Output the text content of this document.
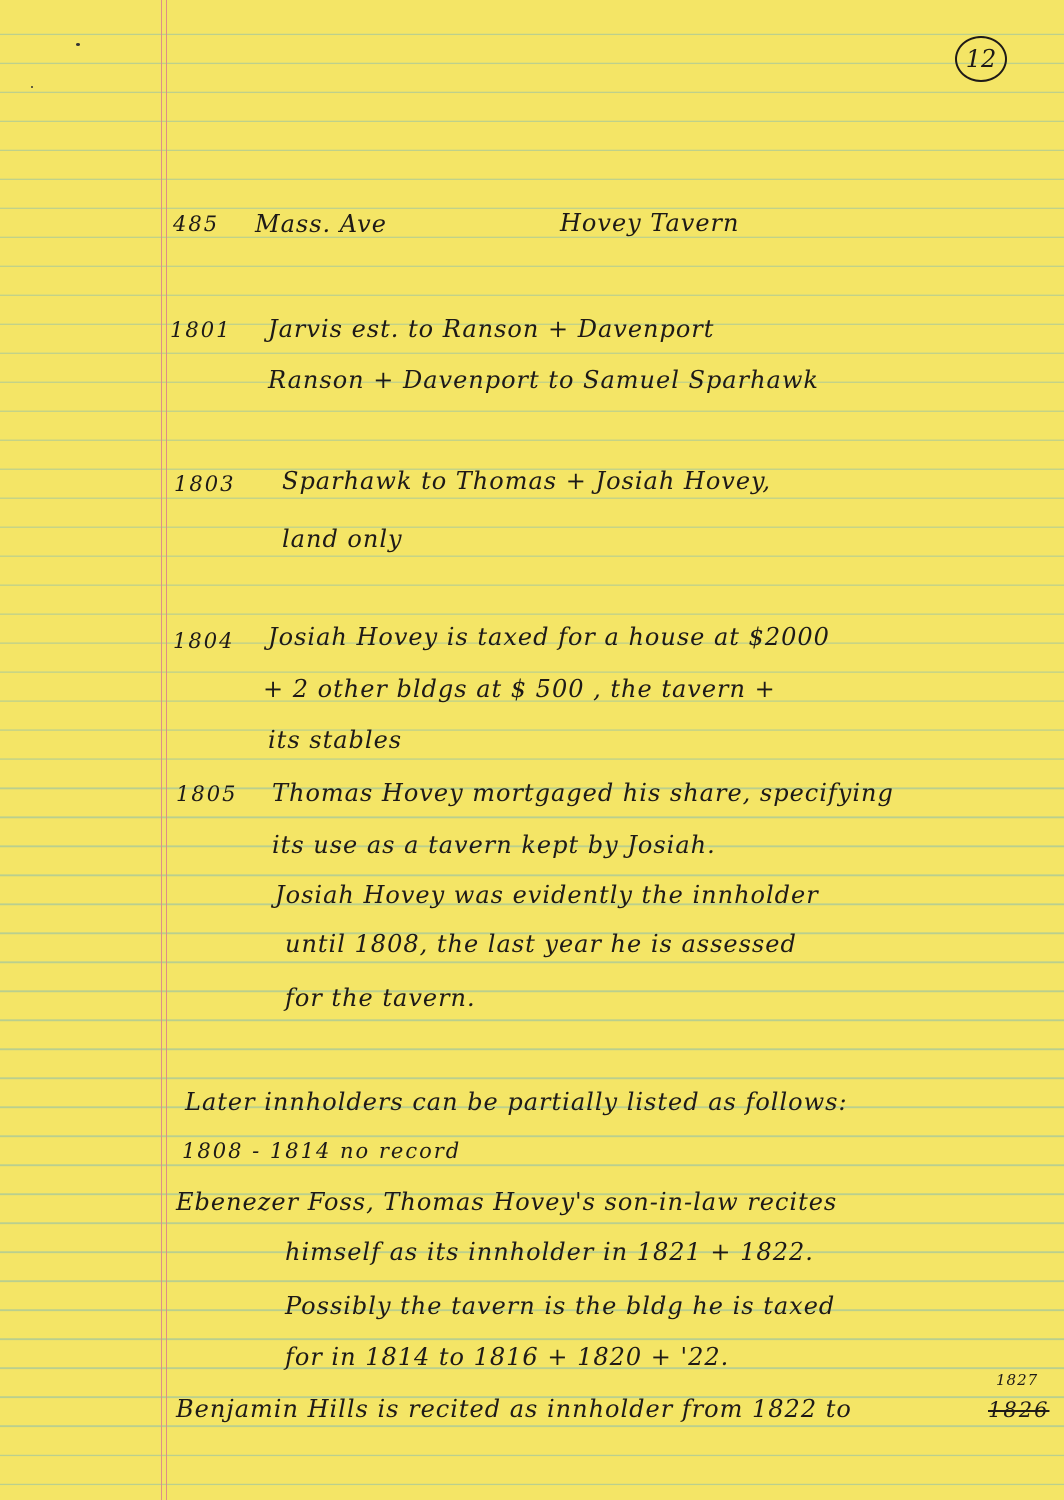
12
485 Mass. Ave	Hovey Tavern
1801 Jarvis est. to Ranson + Davenport
Ranson + Davenport to Samuel Sparhawk
1803 Sparhawk to Thomas + Josiah Hovey,
land only
1804 Josiah Hovey is taxed for a house at $2000
+ 2 other bldgs at $ 500 , the tavern +
its stables
1805 Thomas Hovey mortgaged his share, specifying
its use as a tavern kept by Josiah.
Josiah Hovey was evidently the innholder
until 1808, the last year he is assessed
for the tavern.
Later innholders can be partially listed as follows:
1808 - 1814 no record
Ebenezer Foss, Thomas Hovey's son-in-law recites
himself as its innholder in 1821 + 1822.
Possibly the tavern is the bldg he is taxed
for in 1814 to 1816 + 1820 + '22.
Benjamin Hills is recited as innholder from 1822 to	1826
1827
